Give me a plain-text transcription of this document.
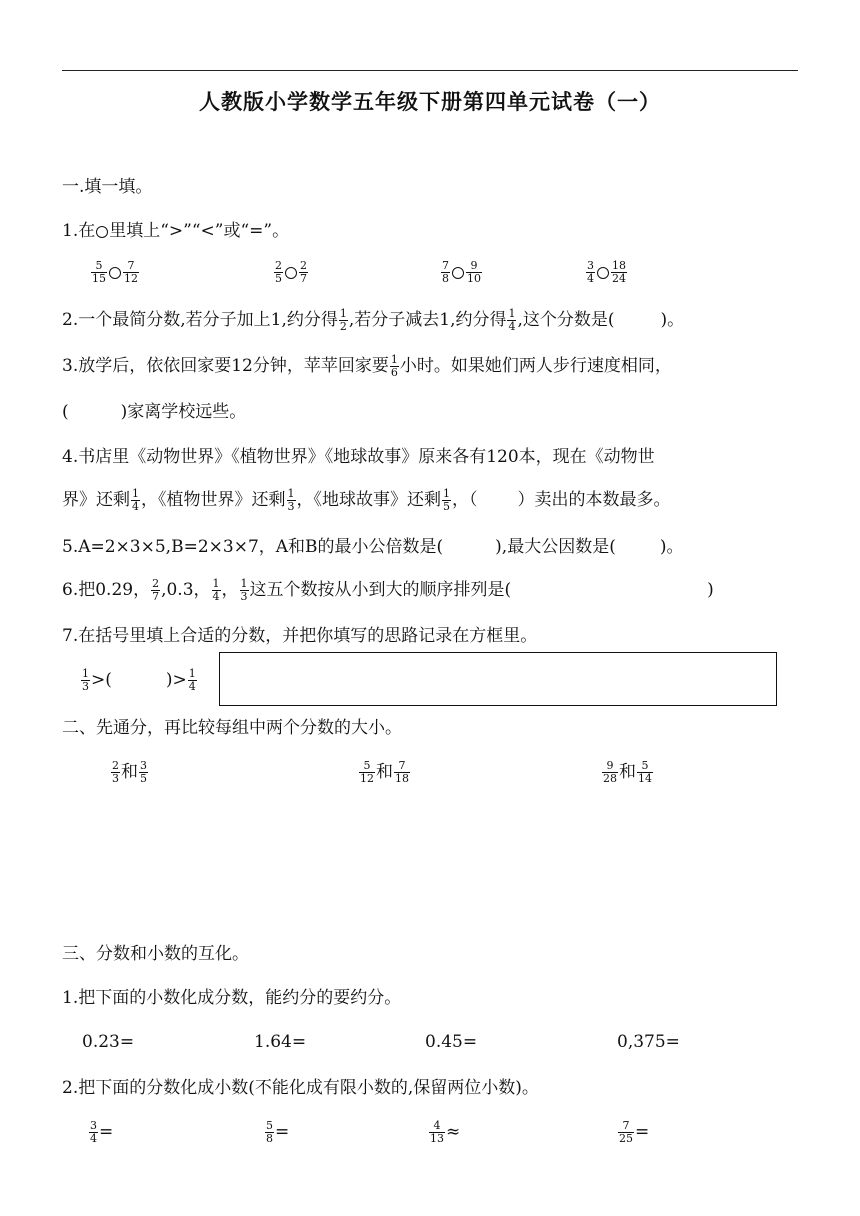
人教版小学数学五年级下册第四单元试卷（一）
一.填一填。
1.在 里填上“>”“<”或“=”。
$\frac{5}{15} \frac{7}{12}$	$\frac{2}{5} \frac{2}{7}$	$\frac{7}{8} \frac{9}{10}$	$\frac{3}{4} \frac{18}{24}$
2.一个最简分数,若分子加上1,约分得 $\frac{1}{2}$ ,若分子减去1,约分得 $\frac{1}{4}$ ,这个分数是(	)。
3.放学后，依依回家要12分钟，苹苹回家要 $\frac{1}{6}$ 小时。如果她们两人步行速度相同，
(	)家离学校远些。
4.书店里《动物世界》《植物世界》《地球故事》原来各有120本，现在《动物世
界》还剩 $\frac{1}{4}$ ，《植物世界》还剩 $\frac{1}{3}$ ，《地球故事》还剩 $\frac{1}{5}$ ，（ ）卖出的本数最多。
5.A=2×3×5,B=2×3×7，A和B的最小公倍数是(	),最大公因数是(	)。
6.把0.29， $\frac{2}{7} ,0.3$， $\frac{1}{4}$ ， $\frac{1}{3}$ 这五个数按从小到大的顺序排列是(	)
7.在括号里填上合适的分数，并把你填写的思路记录在方框里。
$\frac{1}{3}$ >(	)> $\frac{1}{4}$
二、先通分，再比较每组中两个分数的大小。
$\frac{2}{3}$ 和 $\frac{3}{5}$	$\frac{5}{12}$ 和 $\frac{7}{18}$	$\frac{9}{28}$ 和 $\frac{5}{14}$
三、分数和小数的互化。
1.把下面的小数化成分数，能约分的要约分。
0.23=	1.64=	0.45=	0,375=
2.把下面的分数化成小数(不能化成有限小数的,保留两位小数)。
$\frac{3}{4}$ =	$\frac{5}{8}$ =	$\frac{4}{13}$ ≈	$\frac{7}{25}$ =
